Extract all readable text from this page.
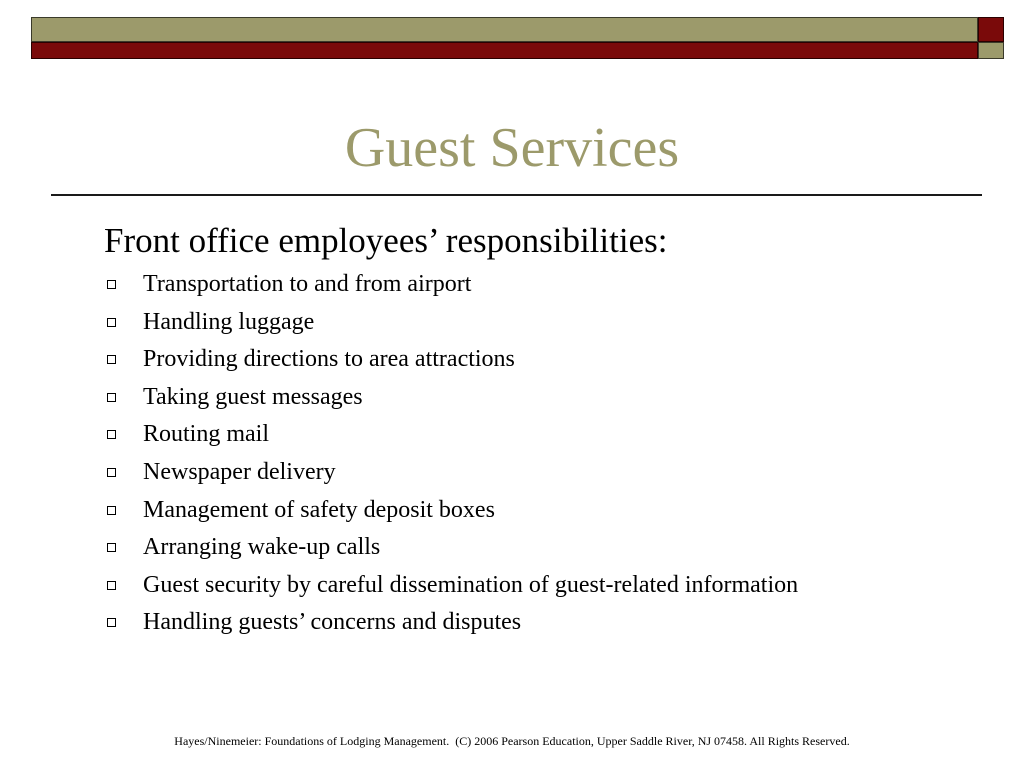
Guest Services
Front office employees’ responsibilities:
Transportation to and from airport
Handling luggage
Providing directions to area attractions
Taking guest messages
Routing mail
Newspaper delivery
Management of safety deposit boxes
Arranging wake-up calls
Guest security by careful dissemination of guest-related information
Handling guests’ concerns and disputes
Hayes/Ninemeier: Foundations of Lodging Management.  (C) 2006 Pearson Education, Upper Saddle River, NJ 07458. All Rights Reserved.
